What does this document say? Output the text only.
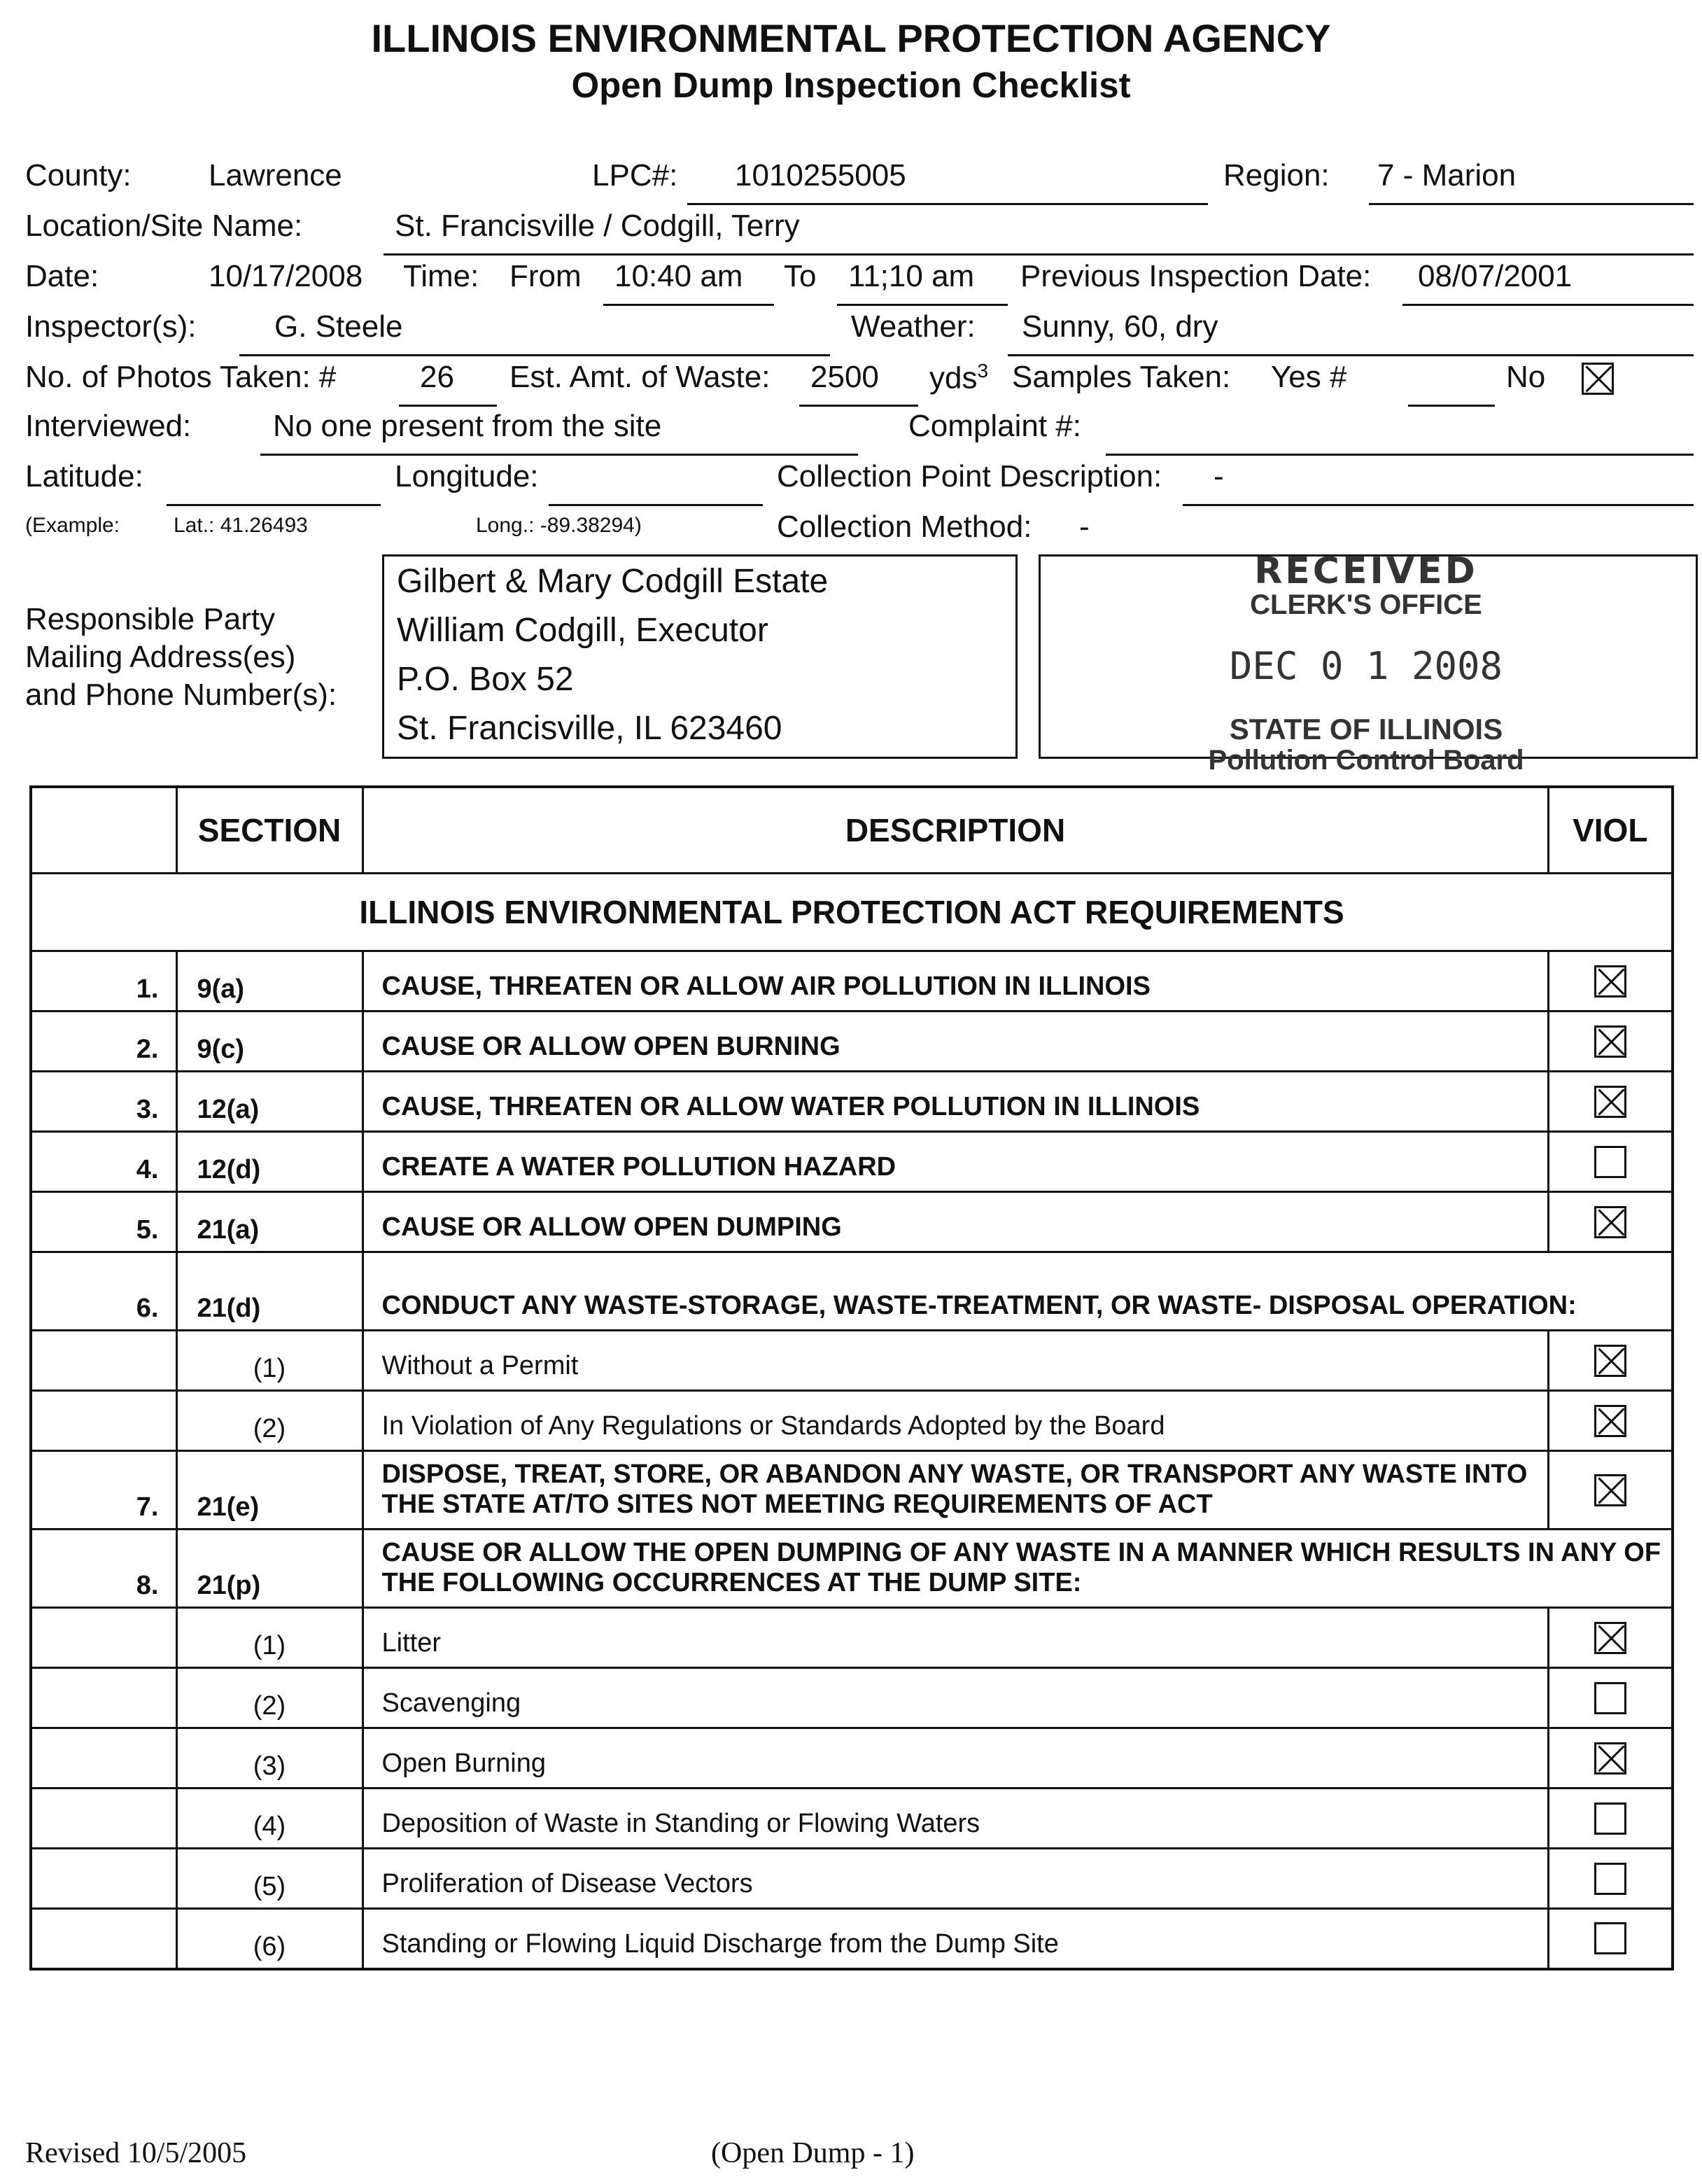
ILLINOIS ENVIRONMENTAL PROTECTION AGENCY
Open Dump Inspection Checklist
County:	Lawrence	LPC#: 1010255005	Region: 7 - Marion
Location/Site Name:	St. Francisville / Codgill, Terry
Date:	10/17/2008 Time: From 10:40 am To 11;10 am Previous Inspection Date: 08/07/2001
Inspector(s):	G. Steele	Weather: Sunny, 60, dry
No. of Photos Taken: #	26 Est. Amt. of Waste: 2500 yds$^3$ Samples Taken: Yes #	No
Interviewed:	No one present from the site	Complaint #:
Latitude:	Longitude:	Collection Point Description: -
(Example:	Lat.: 41.26493	Long.: -89.38294)	Collection Method: -
Responsible Party
Mailing Address(es)
and Phone Number(s):
Gilbert & Mary Codgill Estate
William Codgill, Executor
P.O. Box 52
St. Francisville, IL 623460
RECEIVED
CLERK'S OFFICE
DEC 0 1 2008
STATE OF ILLINOIS
Pollution Control Board
	SECTION	DESCRIPTION	VIOL
ILLINOIS ENVIRONMENTAL PROTECTION ACT REQUIREMENTS			
1.	9(a)	CAUSE, THREATEN OR ALLOW AIR POLLUTION IN ILLINOIS	
2.	9(c)	CAUSE OR ALLOW OPEN BURNING	
3.	12(a)	CAUSE, THREATEN OR ALLOW WATER POLLUTION IN ILLINOIS	
4.	12(d)	CREATE A WATER POLLUTION HAZARD	
5.	21(a)	CAUSE OR ALLOW OPEN DUMPING	
6.	21(d)	CONDUCT ANY WASTE-STORAGE, WASTE-TREATMENT, OR WASTE- DISPOSAL OPERATION:	
	(1)	Without a Permit	
	(2)	In Violation of Any Regulations or Standards Adopted by the Board	
7.	21(e)	DISPOSE, TREAT, STORE, OR ABANDON ANY WASTE, OR TRANSPORT ANY WASTE INTO THE STATE AT/TO SITES NOT MEETING REQUIREMENTS OF ACT	
8.	21(p)	CAUSE OR ALLOW THE OPEN DUMPING OF ANY WASTE IN A MANNER WHICH RESULTS IN ANY OF THE FOLLOWING OCCURRENCES AT THE DUMP SITE:	
	(1)	Litter	
	(2)	Scavenging	
	(3)	Open Burning	
	(4)	Deposition of Waste in Standing or Flowing Waters	
	(5)	Proliferation of Disease Vectors	
	(6)	Standing or Flowing Liquid Discharge from the Dump Site	
Revised 10/5/2005	(Open Dump - 1)
